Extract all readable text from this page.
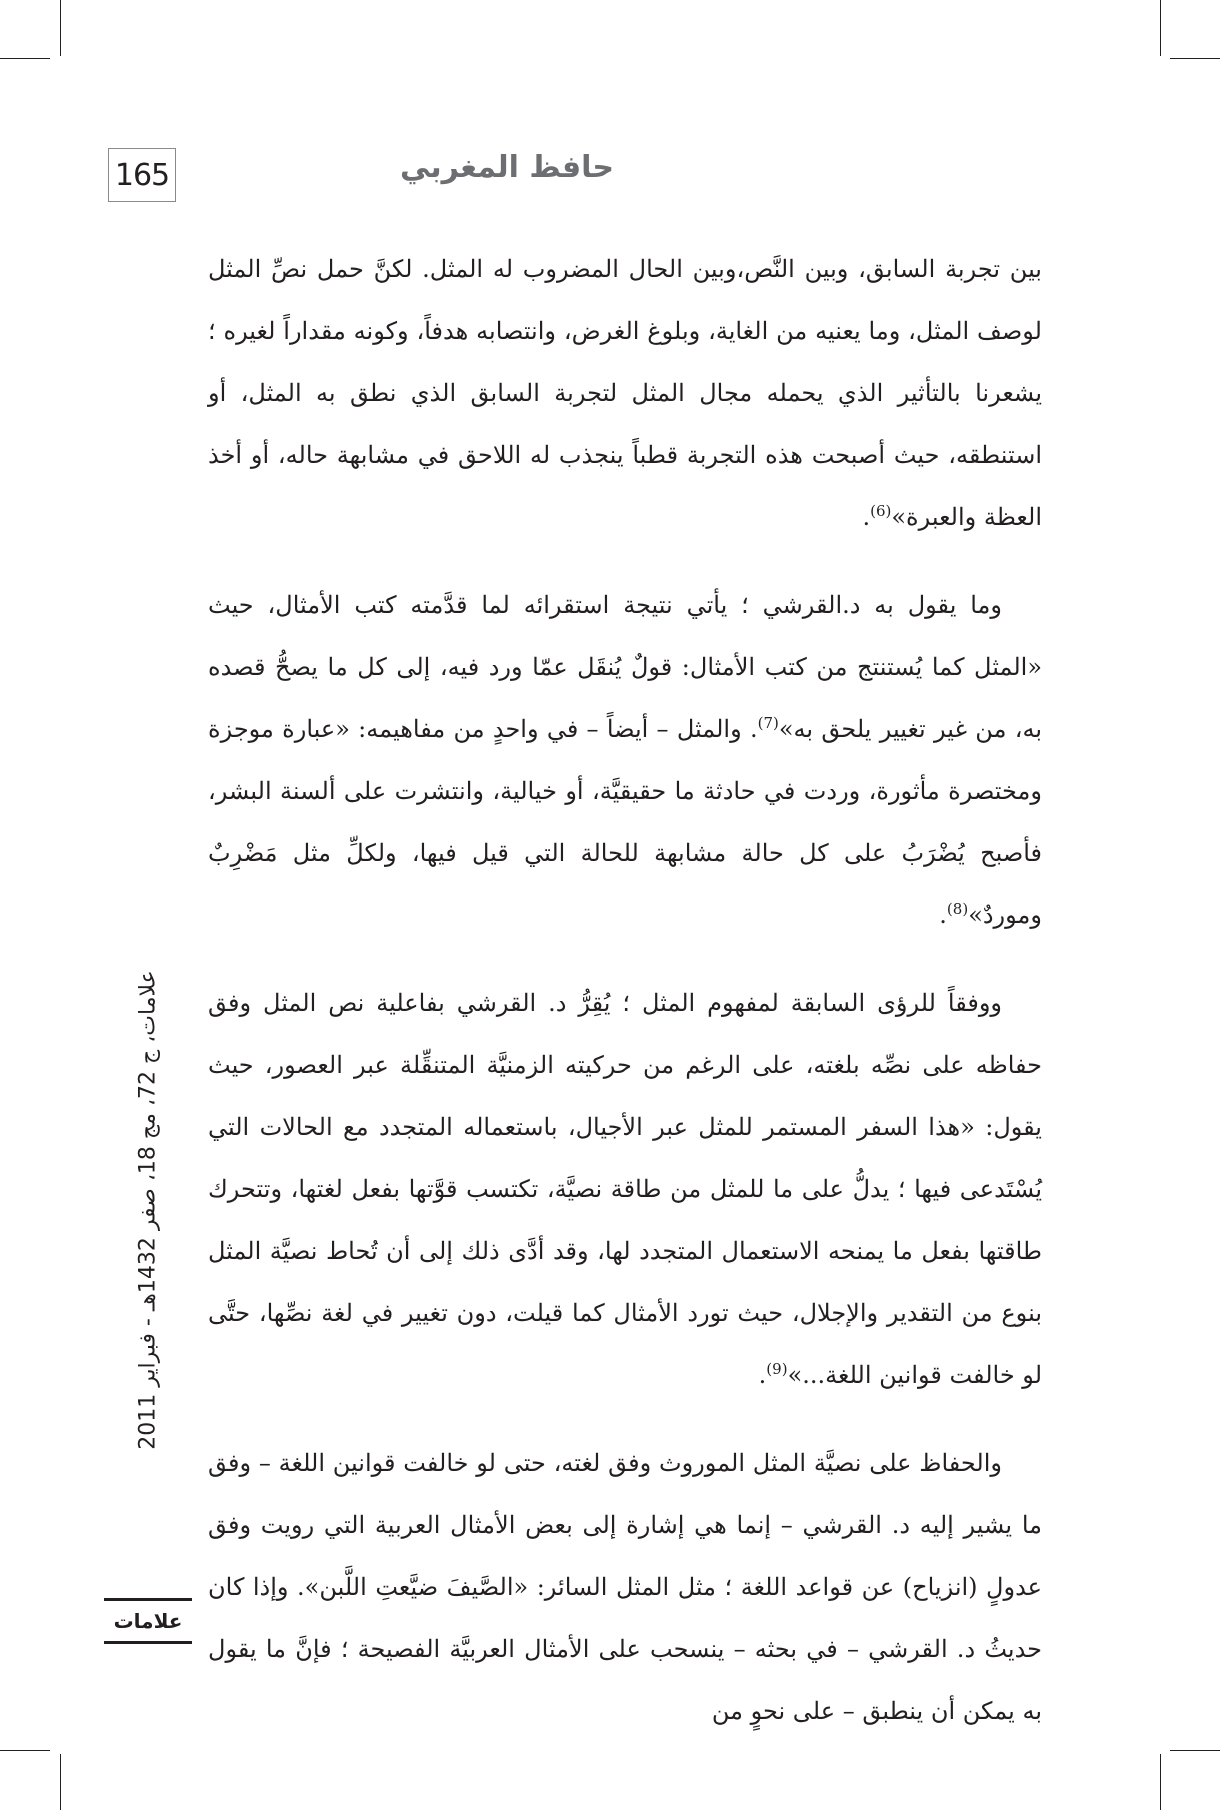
165	حافظ المغربي

بين تجربة السابق، وبين النَّص،وبين الحال المضروب له المثل. لكنَّ حمل نصِّ المثل لوصف المثل، وما يعنيه من الغاية، وبلوغ الغرض، وانتصابه هدفاً، وكونه مقداراً لغيره ؛ يشعرنا بالتأثير الذي يحمله مجال المثل لتجربة السابق الذي نطق به المثل، أو استنطقه، حيث أصبحت هذه التجربة قطباً ينجذب له اللاحق في مشابهة حاله، أو أخذ العظة والعبرة»$^{(6)}$.

وما يقول به د.القرشي ؛ يأتي نتيجة استقرائه لما قدَّمته كتب الأمثال، حيث «المثل كما يُستنتج من كتب الأمثال: قولٌ يُنقَل عمّا ورد فيه، إلى كل ما يصحُّ قصده به، من غير تغيير يلحق به»$^{(7)}$. والمثل – أيضاً – في واحدٍ من مفاهيمه: «عبارة موجزة ومختصرة مأثورة، وردت في حادثة ما حقيقيَّة، أو خيالية، وانتشرت على ألسنة البشر، فأصبح يُضْرَبُ على كل حالة مشابهة للحالة التي قيل فيها، ولكلِّ مثل مَضْرِبٌ وموردٌ»$^{(8)}$.

ووفقاً للرؤى السابقة لمفهوم المثل ؛ يُقِرُّ د. القرشي بفاعلية نص المثل وفق حفاظه على نصِّه بلغته، على الرغم من حركيته الزمنيَّة المتنقِّلة عبر العصور، حيث يقول: «هذا السفر المستمر للمثل عبر الأجيال، باستعماله المتجدد مع الحالات التي يُسْتَدعى فيها ؛ يدلُّ على ما للمثل من طاقة نصيَّة، تكتسب قوَّتها بفعل لغتها، وتتحرك طاقتها بفعل ما يمنحه الاستعمال المتجدد لها، وقد أدَّى ذلك إلى أن تُحاط نصيَّة المثل بنوع من التقدير والإجلال، حيث تورد الأمثال كما قيلت، دون تغيير في لغة نصِّها، حتَّى لو خالفت قوانين اللغة...»$^{(9)}$.

والحفاظ على نصيَّة المثل الموروث وفق لغته، حتى لو خالفت قوانين اللغة – وفق ما يشير إليه د. القرشي – إنما هي إشارة إلى بعض الأمثال العربية التي رويت وفق عدولٍ (انزياح) عن قواعد اللغة ؛ مثل المثل السائر: «الصَّيفَ ضيَّعتِ اللَّبن». وإذا كان حديثُ د. القرشي – في بحثه – ينسحب على الأمثال العربيَّة الفصيحة ؛ فإنَّ ما يقول به يمكن أن ينطبق – على نحوٍ من

علامات، ج 72، مج 18، صفر 1432هـ - فبراير 2011
علامات
